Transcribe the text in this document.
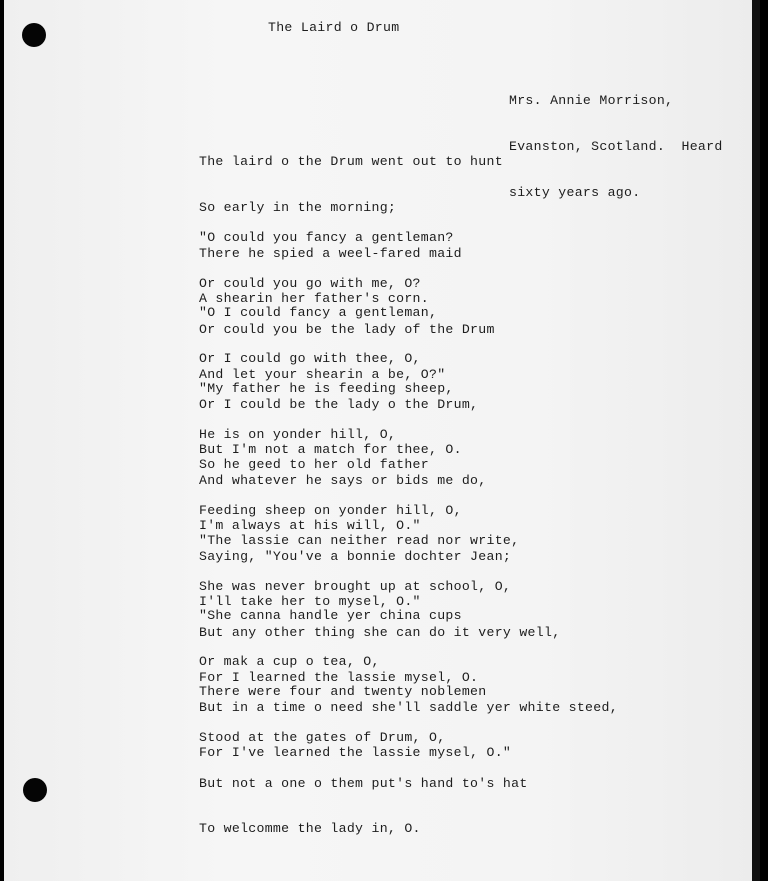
The Laird o Drum

Mrs. Annie Morrison,

Evanston, Scotland.  Heard

sixty years ago.

The laird o the Drum went out to hunt

So early in the morning;

There he spied a weel-fared maid

A shearin her father's corn.

"O could you fancy a gentleman?

Or could you go with me, O?

Or could you be the lady of the Drum

And let your shearin a be, O?"

"O I could fancy a gentleman,

Or I could go with thee, O,

Or I could be the lady o the Drum,

But I'm not a match for thee, O.

"My father he is feeding sheep,

He is on yonder hill, O,

And whatever he says or bids me do,

I'm always at his will, O."

So he geed to her old father

Feeding sheep on yonder hill, O,

Saying, "You've a bonnie dochter Jean;

I'll take her to mysel, O."

"The lassie can neither read nor write,

She was never brought up at school, O,

But any other thing she can do it very well,

For I learned the lassie mysel, O.

"She canna handle yer china cups

Or mak a cup o tea, O,

But in a time o need she'll saddle yer white steed,

For I've learned the lassie mysel, O."

There were four and twenty noblemen

Stood at the gates of Drum, O,

But not a one o them put's hand to's hat

To welcomme the lady in, O.
